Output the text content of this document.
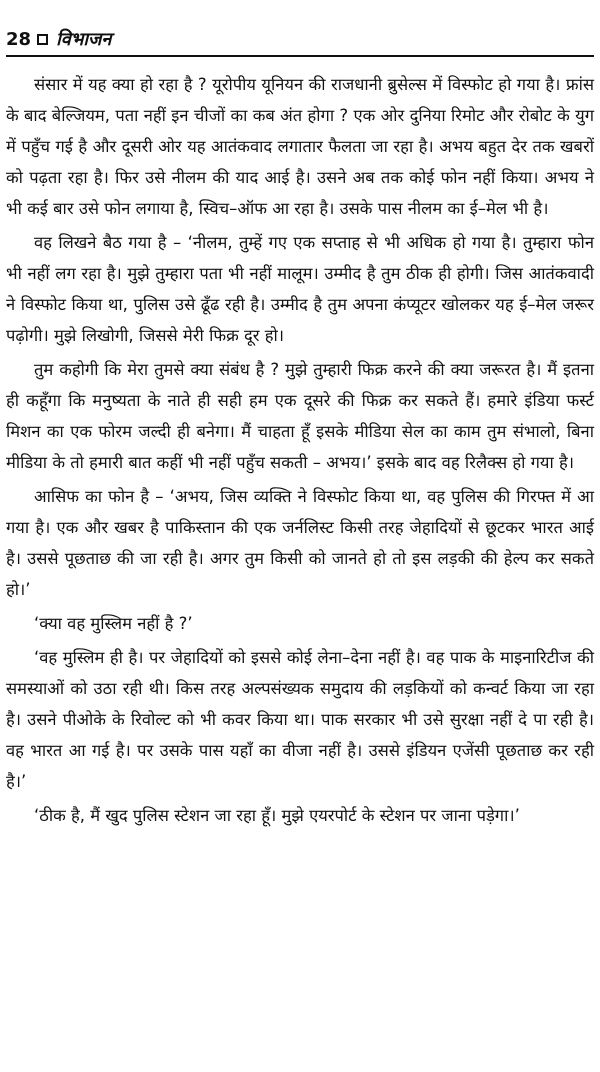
28 विभाजन

संसार में यह क्या हो रहा है ? यूरोपीय यूनियन की राजधानी ब्रुसेल्स में विस्फोट हो गया है। फ्रांस के बाद बेल्जियम, पता नहीं इन चीजों का कब अंत होगा ? एक ओर दुनिया रिमोट और रोबोट के युग में पहुँच गई है और दूसरी ओर यह आतंकवाद लगातार फैलता जा रहा है। अभय बहुत देर तक खबरों को पढ़ता रहा है। फिर उसे नीलम की याद आई है। उसने अब तक कोई फोन नहीं किया। अभय ने भी कई बार उसे फोन लगाया है, स्विच–ऑफ आ रहा है। उसके पास नीलम का ई–मेल भी है।

वह लिखने बैठ गया है – ‘नीलम, तुम्हें गए एक सप्ताह से भी अधिक हो गया है। तुम्हारा फोन भी नहीं लग रहा है। मुझे तुम्हारा पता भी नहीं मालूम। उम्मीद है तुम ठीक ही होगी। जिस आतंकवादी ने विस्फोट किया था, पुलिस उसे ढूँढ रही है। उम्मीद है तुम अपना कंप्यूटर खोलकर यह ई–मेल जरूर पढ़ोगी। मुझे लिखोगी, जिससे मेरी फिक्र दूर हो।

तुम कहोगी कि मेरा तुमसे क्या संबंध है ? मुझे तुम्हारी फिक्र करने की क्या जरूरत है। मैं इतना ही कहूँगा कि मनुष्यता के नाते ही सही हम एक दूसरे की फिक्र कर सकते हैं। हमारे इंडिया फर्स्ट मिशन का एक फोरम जल्दी ही बनेगा। मैं चाहता हूँ इसके मीडिया सेल का काम तुम संभालो, बिना मीडिया के तो हमारी बात कहीं भी नहीं पहुँच सकती – अभय।’ इसके बाद वह रिलैक्स हो गया है।

आसिफ का फोन है – ‘अभय, जिस व्यक्ति ने विस्फोट किया था, वह पुलिस की गिरफ्त में आ गया है। एक और खबर है पाकिस्तान की एक जर्नलिस्ट किसी तरह जेहादियों से छूटकर भारत आई है। उससे पूछताछ की जा रही है। अगर तुम किसी को जानते हो तो इस लड़की की हेल्प कर सकते हो।’

‘क्या वह मुस्लिम नहीं है ?’

‘वह मुस्लिम ही है। पर जेहादियों को इससे कोई लेना–देना नहीं है। वह पाक के माइनारिटीज की समस्याओं को उठा रही थी। किस तरह अल्पसंख्यक समुदाय की लड़कियों को कन्वर्ट किया जा रहा है। उसने पीओके के रिवोल्ट को भी कवर किया था। पाक सरकार भी उसे सुरक्षा नहीं दे पा रही है। वह भारत आ गई है। पर उसके पास यहाँ का वीजा नहीं है। उससे इंडियन एजेंसी पूछताछ कर रही है।’

‘ठीक है, मैं खुद पुलिस स्टेशन जा रहा हूँ। मुझे एयरपोर्ट के स्टेशन पर जाना पड़ेगा।’
